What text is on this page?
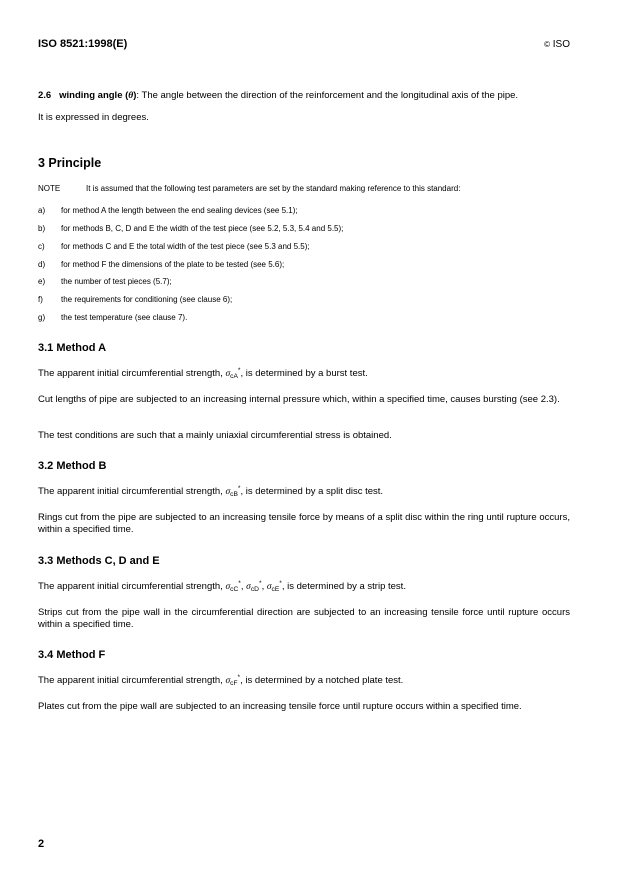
ISO 8521:1998(E)	© ISO
2.6 winding angle (θ): The angle between the direction of the reinforcement and the longitudinal axis of the pipe.
It is expressed in degrees.
3 Principle
NOTE	It is assumed that the following test parameters are set by the standard making reference to this standard:
a) for method A the length between the end sealing devices (see 5.1);
b) for methods B, C, D and E the width of the test piece (see 5.2, 5.3, 5.4 and 5.5);
c) for methods C and E the total width of the test piece (see 5.3 and 5.5);
d) for method F the dimensions of the plate to be tested (see 5.6);
e) the number of test pieces (5.7);
f) the requirements for conditioning (see clause 6);
g) the test temperature (see clause 7).
3.1 Method A
The apparent initial circumferential strength, $\sigma_{cA}^*$, is determined by a burst test.
Cut lengths of pipe are subjected to an increasing internal pressure which, within a specified time, causes bursting (see 2.3).
The test conditions are such that a mainly uniaxial circumferential stress is obtained.
3.2 Method B
The apparent initial circumferential strength, $\sigma_{cB}^*$, is determined by a split disc test.
Rings cut from the pipe are subjected to an increasing tensile force by means of a split disc within the ring until rupture occurs, within a specified time.
3.3 Methods C, D and E
The apparent initial circumferential strength, $\sigma_{cC}^*$, $\sigma_{cD}^*$, $\sigma_{cE}^*$, is determined by a strip test.
Strips cut from the pipe wall in the circumferential direction are subjected to an increasing tensile force until rupture occurs within a specified time.
3.4 Method F
The apparent initial circumferential strength, $\sigma_{cF}^*$, is determined by a notched plate test.
Plates cut from the pipe wall are subjected to an increasing tensile force until rupture occurs within a specified time.
2
